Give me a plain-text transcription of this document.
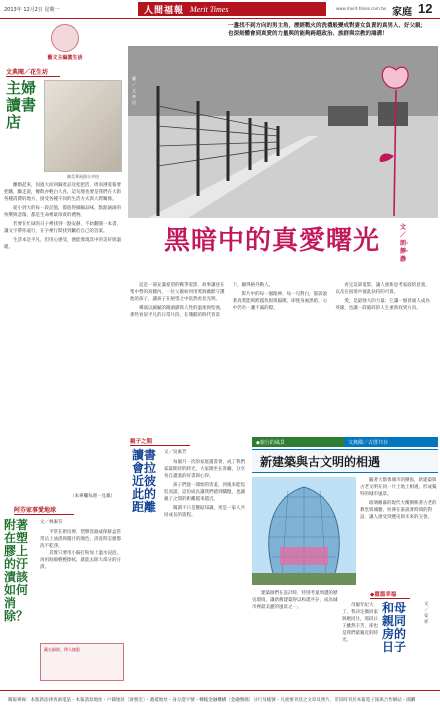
2013年 12月2日 星期一	人間福報 Merit Times	www.merit-times.com.tw 家庭 12
藝文主編賞生活
文典閱／花生坊
主婦讀書店
陳美華兩個分享校

離婚起來，因過大而回歸產品及松把活，周而遵電報要把購，驅走說，餐飲亦輕白人食，這句顏也要是我們在大街各種消費的地方，接受各種不同的生活方式與人際關係。

從小到大的每一段記憶，都值得細細品味，點點滴滴的快樂與悲傷，都是生命裡最珍貴的禮物。

若要在忙碌的日子裡找到一點安靜，不妨翻開一本書，讓文字帶你遠行，在字裡行間找到屬於自己的答案。

生活本是平凡，但用心感受，便能發現其中的美好與溫暖。

（本專欄每週一見載）
阿芬家事愛地球
附著在塑膠上的汙漬該如何消除？
文／林素芬

平常在廚房裡，塑膠容器或保鮮盒常常沾上油漬與醬汁的顏色，清洗時怎麼都洗不乾淨。

其實只要用小蘇打粉加上溫水浸泡，再用海綿輕輕擦拭，就能去除大部分的汙漬。

藏在細節，傳人無限
一盞找不到方向的男主角，歷經戰火的洗禮般變成對妻女負責的真男人、好父親；也深刻體會到真愛的力量與的能夠跨越政治、族群與宗教的鴻溝！
圖／文林信
黑暗中的真愛曙光	文／朗‧靜‧瀞

這是一部充滿希望的戰爭電影，故事講述在集中營的高牆內，一位父親如何用愛與幽默守護他的孩子，讓孩子在絕望之中依然看見光明。

導演以細膩的鏡頭描寫人性的溫柔與堅強，那些看似平凡的日常片段，在殘酷的時代背景下，顯得格外動人。

影片中的每一個眼神、每一句對白，都訴說著真愛能夠跨越仇恨與隔閡，即使身處黑暗，心中仍有一盞不滅的燈。

看完這部電影，讓人重新思考家庭的意義，以及在困境中彼此扶持的可貴。

愛，是最強大的力量；它讓一個普通人成為英雄，也讓一段破碎的人生重新找到方向。

親子之間
讀書會拉近彼此的距離
文／吳素芳

每個月一次的家庭讀書會，成了我們家最期待的時光，大家圍坐在客廳，分享各自讀過的好書與心得。

孩子們從一開始的害羞，到後來能侃侃而談，這份成長讓我們感到驕傲，也讓親子之間的距離越來越近。

閱讀不只是獲取知識，更是一家人共同成長的旅程。

◆旅行的風景	文典閱／古厝共存
新建築與古文明的相遇

隨著大都會城市的擴張，新建築與古老文明在同一片土地上相遇，形成獨特的城市風景。

玻璃帷幕的現代大樓倒映著古老的教堂與城牆，彷彿在訴說著時間的對話，讓人感受到歷史與未來的交會。

建築師們在設計時，特別考量周遭的歷史環境，讓新舊建築得以和諧共存，成為城市裡最美麗的風景之一。

◆重溫幸福

母親年紀大了，我決定搬回家與她同住，那段日子雖然辛苦，卻也是我們最親近的時光。

和母親同房的日子
文／安祥
閱報專線：本版新法律查詢電話・本報請款地址・戶籍地址〔財務室〕・遞抵地址・身分證字號・轉帳金融機構〔金融號碼〕分行及帳號・凡重要刊登之文章及照片，非同時刊於本報電子報與合作網站・國購
